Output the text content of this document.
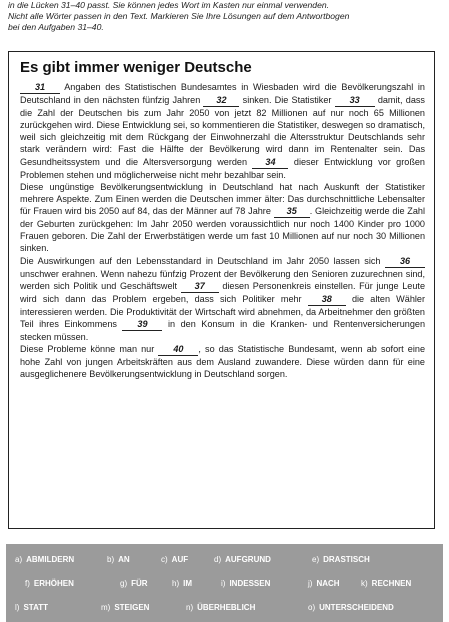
in die Lücken 31–40 passt. Sie können jedes Wort im Kasten nur einmal verwenden.

Nicht alle Wörter passen in den Text. Markieren Sie Ihre Lösungen auf dem Antwortbogen

bei den Aufgaben 31–40.

Es gibt immer weniger Deutsche

31 Angaben des Statistischen Bundesamtes in Wiesbaden wird die Bevölkerungszahl in Deutschland in den nächsten fünfzig Jahren 32 sinken. Die Statistiker 33 damit, dass die Zahl der Deutschen bis zum Jahr 2050 von jetzt 82 Millionen auf nur noch 65 Millionen zurückgehen wird. Diese Entwicklung sei, so kommentieren die Statistiker, deswegen so dramatisch, weil sich gleichzeitig mit dem Rückgang der Einwohnerzahl die Altersstruktur Deutschlands sehr stark verändern wird: Fast die Hälfte der Bevölkerung wird dann im Rentenalter sein. Das Gesundheitssystem und die Altersversorgung werden 34 dieser Entwicklung vor großen Problemen stehen und möglicherweise nicht mehr bezahlbar sein.

Diese ungünstige Bevölkerungsentwicklung in Deutschland hat nach Auskunft der Statistiker mehrere Aspekte. Zum Einen werden die Deutschen immer älter: Das durchschnittliche Lebensalter für Frauen wird bis 2050 auf 84, das der Männer auf 78 Jahre 35 . Gleichzeitig werde die Zahl der Geburten zurückgehen: Im Jahr 2050 werden voraussichtlich nur noch 1400 Kinder pro 1000 Frauen geboren. Die Zahl der Erwerbstätigen werde um fast 10 Millionen auf nur noch 30 Millionen sinken.

Die Auswirkungen auf den Lebensstandard in Deutschland im Jahr 2050 lassen sich 36 unschwer erahnen. Wenn nahezu fünfzig Prozent der Bevölkerung den Senioren zuzurechnen sind, werden sich Politik und Geschäftswelt 37 diesen Personenkreis einstellen. Für junge Leute wird sich dann das Problem ergeben, dass sich Politiker mehr 38 die alten Wähler interessieren werden. Die Produktivität der Wirtschaft wird abnehmen, da Arbeitnehmer den größten Teil ihres Einkommens 39 in den Konsum in die Kranken- und Rentenversicherungen stecken müssen.

Diese Probleme könne man nur 40 , so das Statistische Bundesamt, wenn ab sofort eine hohe Zahl von jungen Arbeitskräften aus dem Ausland zuwandere. Diese würden dann für eine ausgeglichenere Bevölkerungsentwicklung in Deutschland sorgen.

a) ABMILDERN	b) AN	c) AUF	d) AUFGRUND	e) DRASTISCH
f) ERHÖHEN	g) FÜR	h) IM	i) INDESSEN	j) NACH	k) RECHNEN
l) STATT	m) STEIGEN	n) ÜBERHEBLICH	o) UNTERSCHEIDEND
